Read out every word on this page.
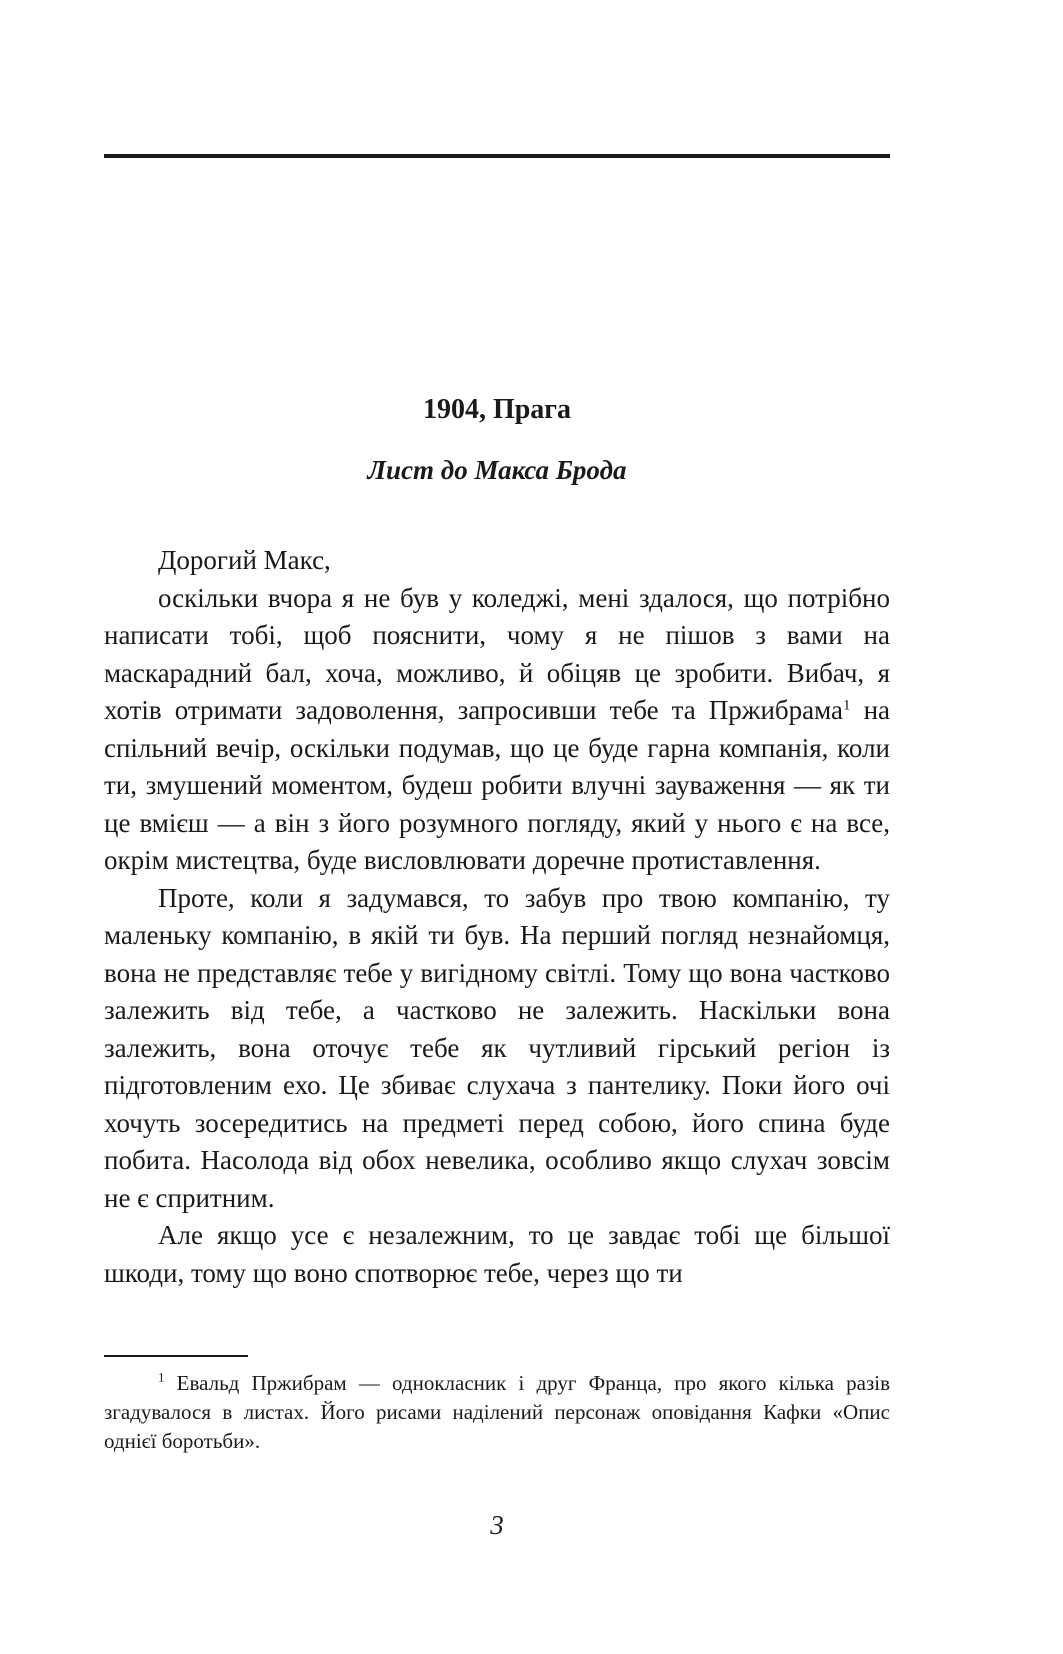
1904, Прага
Лист до Макса Брода

Дорогий Макс,

оскільки вчора я не був у коледжі, мені здалося, що потрібно написати тобі, щоб пояснити, чому я не пішов з вами на маскарадний бал, хоча, можливо, й обіцяв це зробити. Вибач, я хотів отримати задоволення, запросивши тебе та Пржибрама$^1$ на спільний вечір, оскільки подумав, що це буде гарна компанія, коли ти, змушений моментом, будеш робити влучні зауваження — як ти це вмієш — а він з його розумного погляду, який у нього є на все, окрім мистецтва, буде висловлювати доречне протиставлення.

Проте, коли я задумався, то забув про твою компанію, ту маленьку компанію, в якій ти був. На перший погляд незнайомця, вона не представляє тебе у вигідному світлі. Тому що вона частково залежить від тебе, а частково не залежить. Наскільки вона залежить, вона оточує тебе як чутливий гірський регіон із підготовленим ехо. Це збиває слухача з пантелику. Поки його очі хочуть зосередитись на предметі перед собою, його спина буде побита. Насолода від обох невелика, особливо якщо слухач зовсім не є спритним.

Але якщо усе є незалежним, то це завдає тобі ще більшої шкоди, тому що воно спотворює тебе, через що ти

$^1$ Евальд Пржибрам — однокласник і друг Франца, про якого кілька разів згадувалося в листах. Його рисами наділений персонаж оповідання Кафки «Опис однієї боротьби».

3
